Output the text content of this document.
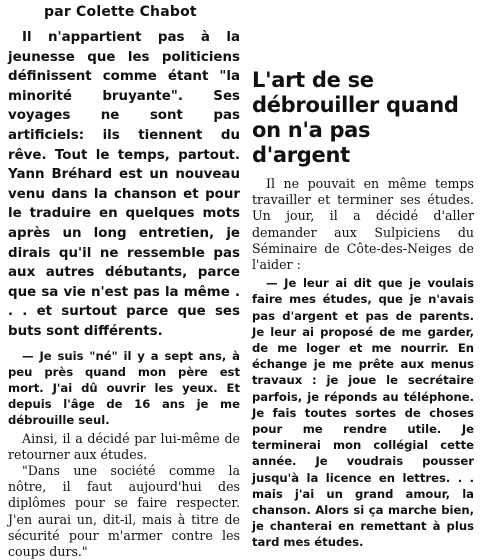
par Colette Chabot

Il n'appartient pas à la jeunesse que les politiciens définissent comme étant "la minorité bruyante". Ses voyages ne sont pas artificiels: ils tiennent du rêve. Tout le temps, partout. Yann Bréhard est un nouveau venu dans la chanson et pour le traduire en quelques mots après un long entretien, je dirais qu'il ne ressemble pas aux autres débutants, parce que sa vie n'est pas la même . . . et surtout parce que ses buts sont différents.

— Je suis "né" il y a sept ans, à peu près quand mon père est mort. J'ai dû ouvrir les yeux. Et depuis l'âge de 16 ans je me débrouille seul.

Ainsi, il a décidé par lui-même de retourner aux études.

"Dans une société comme la nôtre, il faut aujourd'hui des diplômes pour se faire respecter. J'en aurai un, dit-il, mais à titre de sécurité pour m'armer contre les coups durs."

L'art de se débrouiller quand on n'a pas d'argent

Il ne pouvait en même temps travailler et terminer ses études. Un jour, il a décidé d'aller demander aux Sulpiciens du Séminaire de Côte-des-Neiges de l'aider :

— Je leur ai dit que je voulais faire mes études, que je n'avais pas d'argent et pas de parents. Je leur ai proposé de me garder, de me loger et me nourrir. En échange je me prête aux menus travaux : je joue le secrétaire parfois, je réponds au téléphone. Je fais toutes sortes de choses pour me rendre utile. Je terminerai mon collégial cette année. Je voudrais pousser jusqu'à la licence en lettres. . . mais j'ai un grand amour, la chanson. Alors si ça marche bien, je chanterai en remettant à plus tard mes études.
